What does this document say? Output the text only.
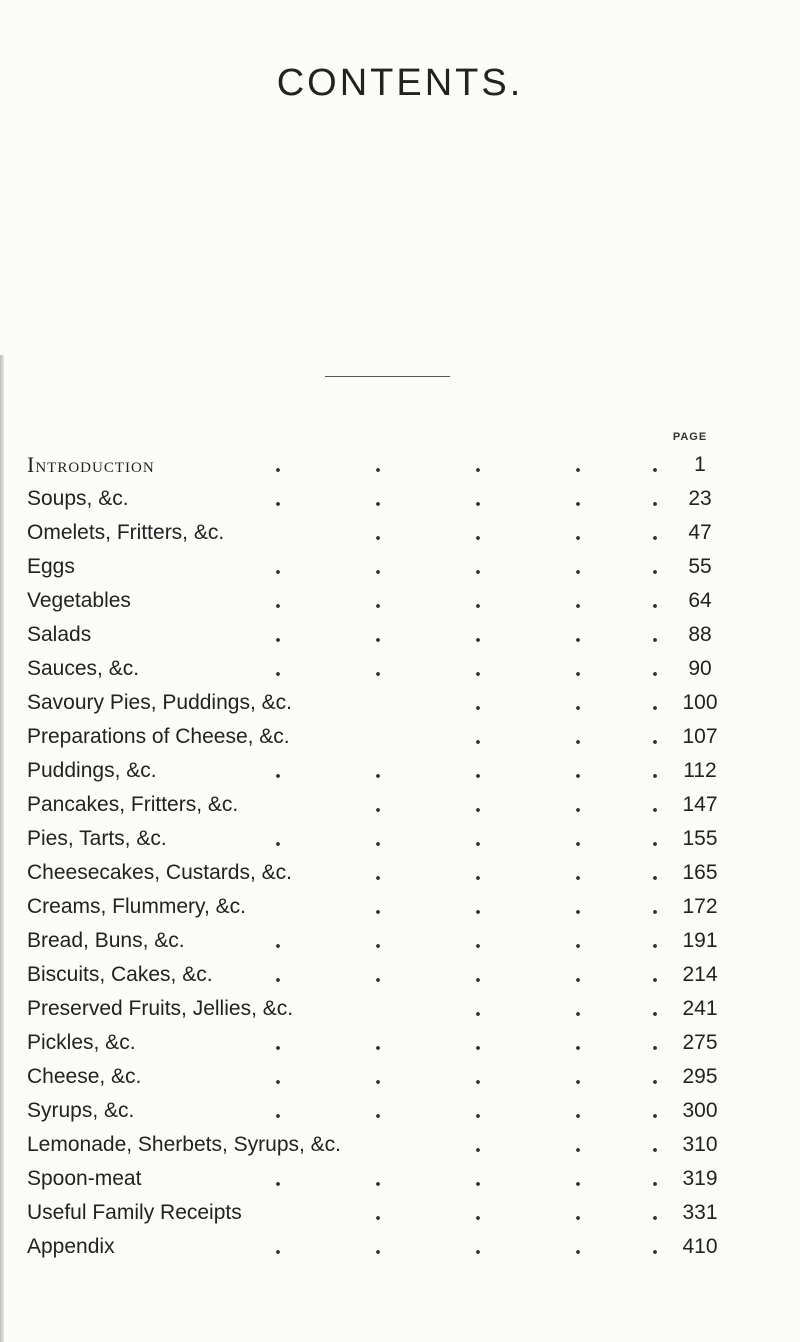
CONTENTS.
PAGE
Introduction	.	.	.	.	.	1
Soups, &c.	.	.	.	.	.	23
Omelets, Fritters, &c.	.	.	.	.	47
Eggs	.	.	.	.	.	55
Vegetables	.	.	.	.	.	64
Salads	.	.	.	.	.	88
Sauces, &c.	.	.	.	.	.	90
Savoury Pies, Puddings, &c.	.	.	.	100
Preparations of Cheese, &c.	.	.	.	107
Puddings, &c.	.	.	.	.	.	112
Pancakes, Fritters, &c.	.	.	.	.	147
Pies, Tarts, &c.	.	.	.	.	.	155
Cheesecakes, Custards, &c.	.	.	.	.	165
Creams, Flummery, &c.	.	.	.	.	172
Bread, Buns, &c.	.	.	.	.	.	191
Biscuits, Cakes, &c.	.	.	.	.	.	214
Preserved Fruits, Jellies, &c.	.	.	.	241
Pickles, &c.	.	.	.	.	.	275
Cheese, &c.	.	.	.	.	.	295
Syrups, &c.	.	.	.	.	.	300
Lemonade, Sherbets, Syrups, &c.	.	.	.	310
Spoon-meat	.	.	.	.	.	319
Useful Family Receipts	.	.	.	.	331
Appendix	.	.	.	.	.	410
